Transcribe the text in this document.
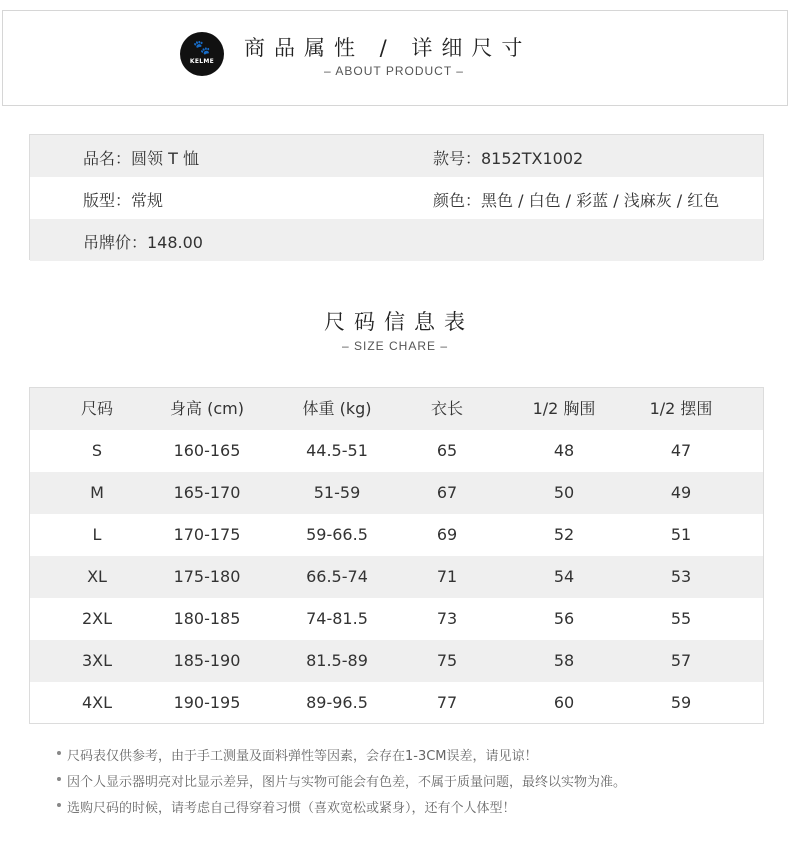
🐾
KELME
商品属性 / 详细尺寸
– ABOUT PRODUCT –
品名：圆领 T 恤	款号：8152TX1002
版型：常规	颜色：黑色 / 白色 / 彩蓝 / 浅麻灰 / 红色
吊牌价：148.00
尺码信息表
– SIZE CHARE –
尺码	身高 (cm)	体重 (kg)	衣长	1/2 胸围	1/2 摆围
S	160-165	44.5-51	65	48	47
M	165-170	51-59	67	50	49
L	170-175	59-66.5	69	52	51
XL	175-180	66.5-74	71	54	53
2XL	180-185	74-81.5	73	56	55
3XL	185-190	81.5-89	75	58	57
4XL	190-195	89-96.5	77	60	59
尺码表仅供参考，由于手工测量及面料弹性等因素，会存在1-3CM误差，请见谅！
因个人显示器明亮对比显示差异，图片与实物可能会有色差，不属于质量问题，最终以实物为准。
选购尺码的时候，请考虑自己得穿着习惯（喜欢宽松或紧身），还有个人体型！
